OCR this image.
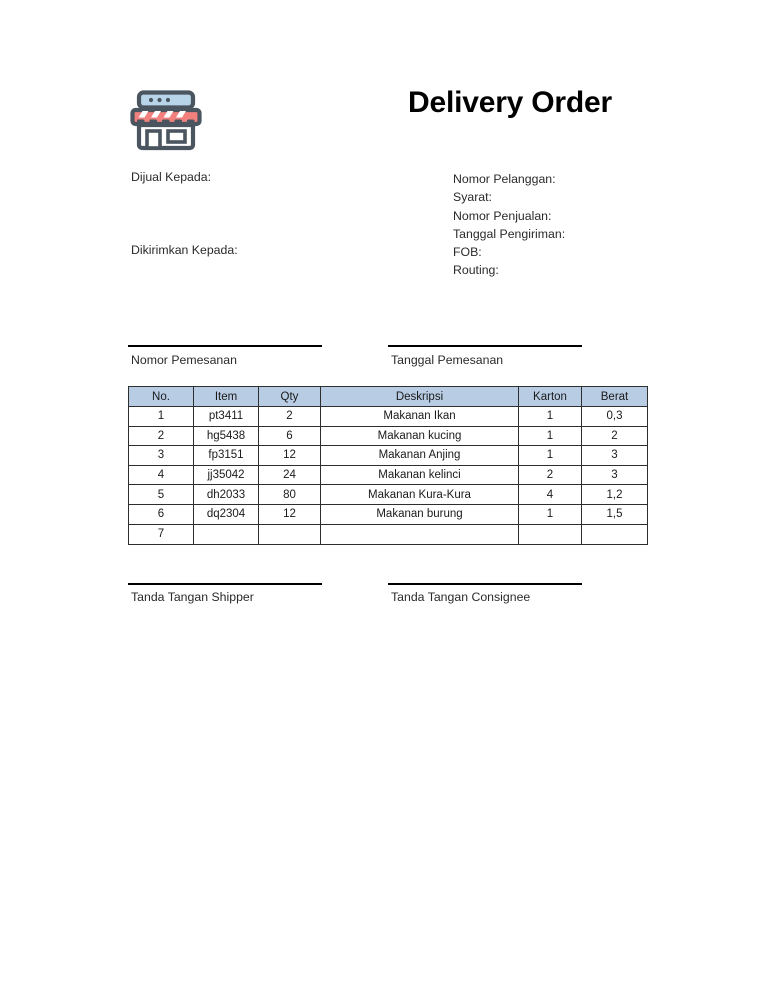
Delivery Order
Dijual Kepada:
Dikirimkan Kepada:
Nomor Pelanggan:
Syarat:
Nomor Penjualan:
Tanggal Pengiriman:
FOB:
Routing:
Nomor Pemesanan	Tanggal Pemesanan
No.	Item	Qty	Deskripsi	Karton	Berat
1	pt3411	2	Makanan Ikan	1	0,3
2	hg5438	6	Makanan kucing	1	2
3	fp3151	12	Makanan Anjing	1	3
4	jj35042	24	Makanan kelinci	2	3
5	dh2033	80	Makanan Kura-Kura	4	1,2
6	dq2304	12	Makanan burung	1	1,5
7					
Tanda Tangan Shipper	Tanda Tangan Consignee
